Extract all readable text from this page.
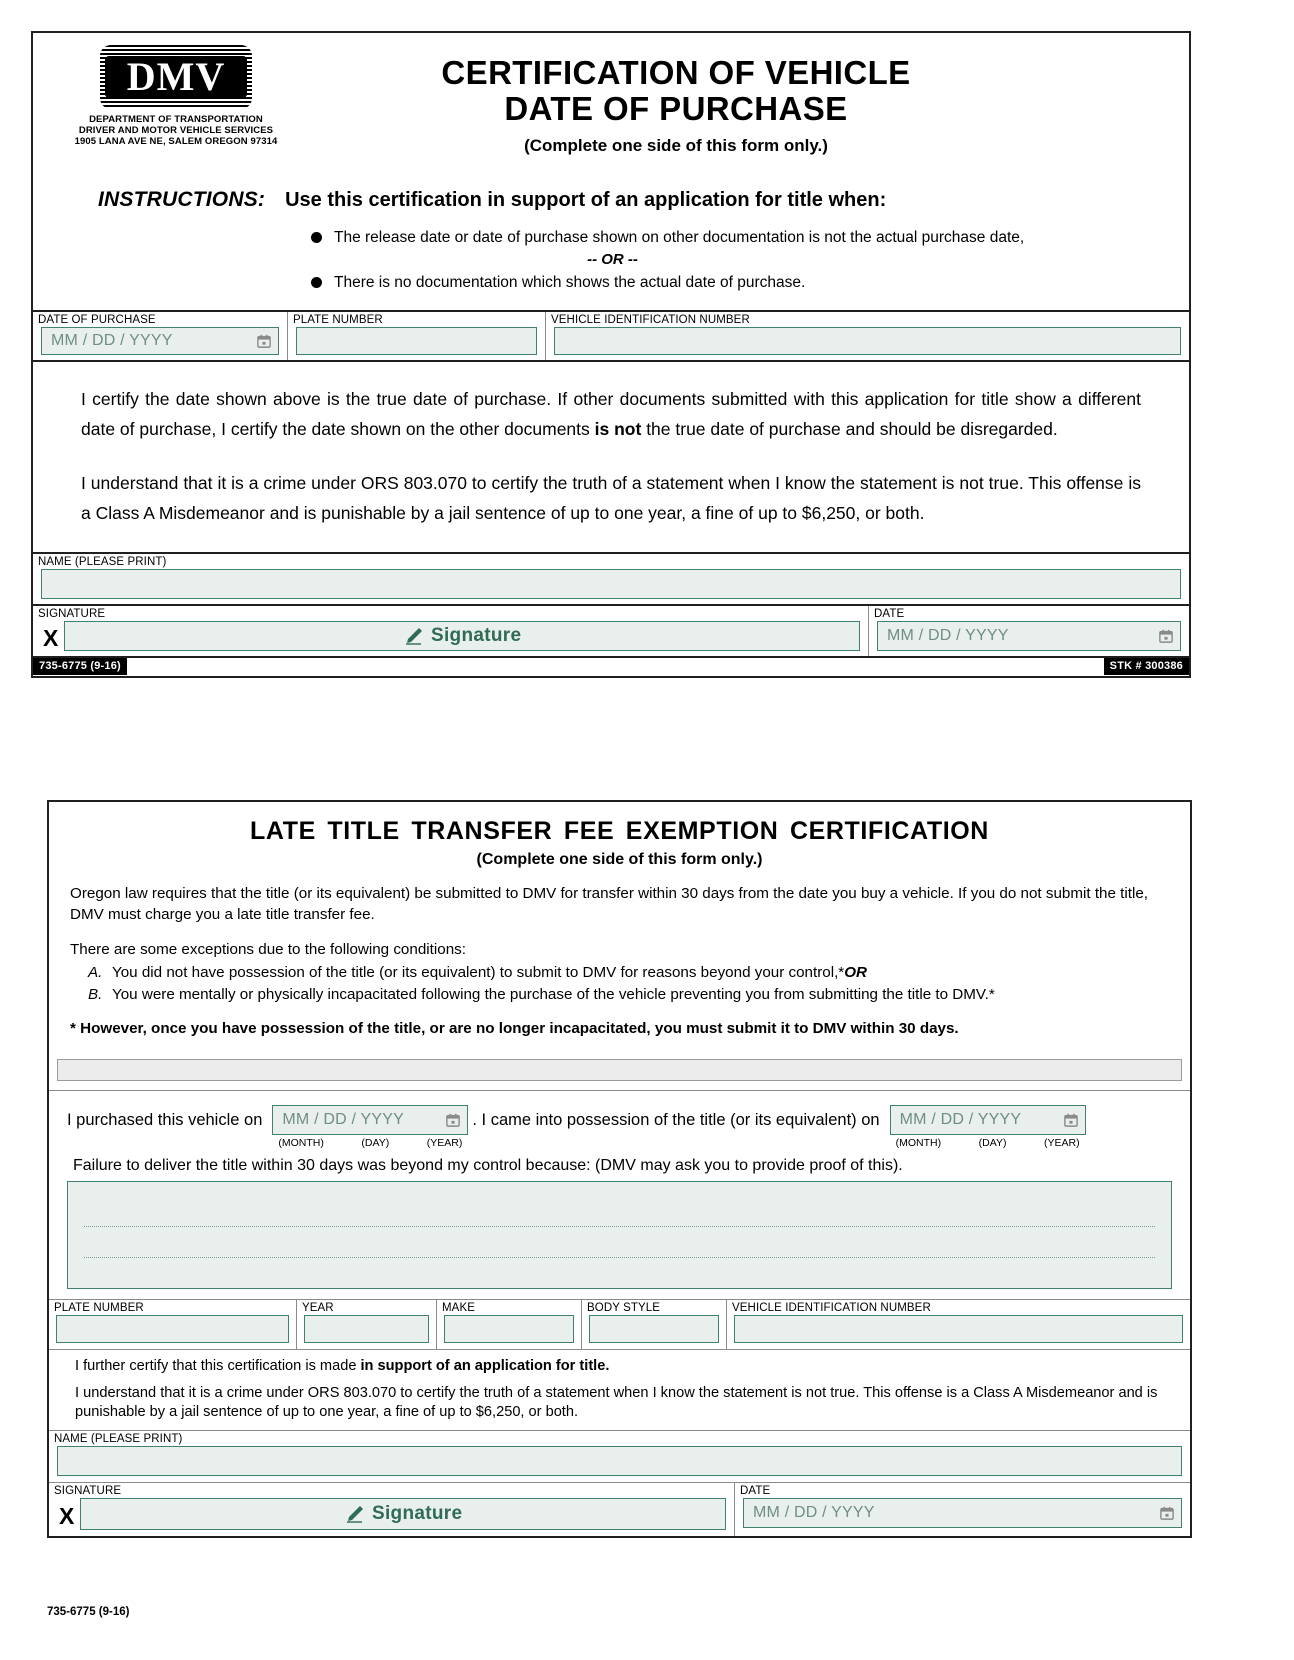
DMV
DEPARTMENT OF TRANSPORTATION
DRIVER AND MOTOR VEHICLE SERVICES
1905 LANA AVE NE, SALEM OREGON 97314
CERTIFICATION OF VEHICLE
DATE OF PURCHASE
(Complete one side of this form only.)
INSTRUCTIONS: Use this certification in support of an application for title when:
The release date or date of purchase shown on other documentation is not the actual purchase date,
-- OR --
There is no documentation which shows the actual date of purchase.
DATE OF PURCHASE
MM / DD / YYYY
PLATE NUMBER	VEHICLE IDENTIFICATION NUMBER

I certify the date shown above is the true date of purchase. If other documents submitted with this application for title show a different date of purchase, I certify the date shown on the other documents is not the true date of purchase and should be disregarded.

I understand that it is a crime under ORS 803.070 to certify the truth of a statement when I know the statement is not true. This offense is a Class A Misdemeanor and is punishable by a jail sentence of up to one year, a fine of up to $6,250, or both.

NAME (PLEASE PRINT)
SIGNATURE
X	Signature
DATE
MM / DD / YYYY
735-6775 (9-16)	STK # 300386
LATE TITLE TRANSFER FEE EXEMPTION CERTIFICATION
(Complete one side of this form only.)

Oregon law requires that the title (or its equivalent) be submitted to DMV for transfer within 30 days from the date you buy a vehicle. If you do not submit the title, DMV must charge you a late title transfer fee.

There are some exceptions due to the following conditions:

A. You did not have possession of the title (or its equivalent) to submit to DMV for reasons beyond your control,*OR
B. You were mentally or physically incapacitated following the purchase of the vehicle preventing you from submitting the title to DMV.*
* However, once you have possession of the title, or are no longer incapacitated, you must submit it to DMV within 30 days.
I purchased this vehicle on	MM / DD / YYYY
(MONTH)	(DAY)	(YEAR)
. I came into possession of the title (or its equivalent) on	MM / DD / YYYY
(MONTH)	(DAY)	(YEAR)
Failure to deliver the title within 30 days was beyond my control because: (DMV may ask you to provide proof of this).
PLATE NUMBER	YEAR	MAKE	BODY STYLE	VEHICLE IDENTIFICATION NUMBER
I further certify that this certification is made in support of an application for title.
I understand that it is a crime under ORS 803.070 to certify the truth of a statement when I know the statement is not true. This offense is a Class A Misdemeanor and is punishable by a jail sentence of up to one year, a fine of up to $6,250, or both.
NAME (PLEASE PRINT)
SIGNATURE
X	Signature
DATE
MM / DD / YYYY
735-6775 (9-16)
